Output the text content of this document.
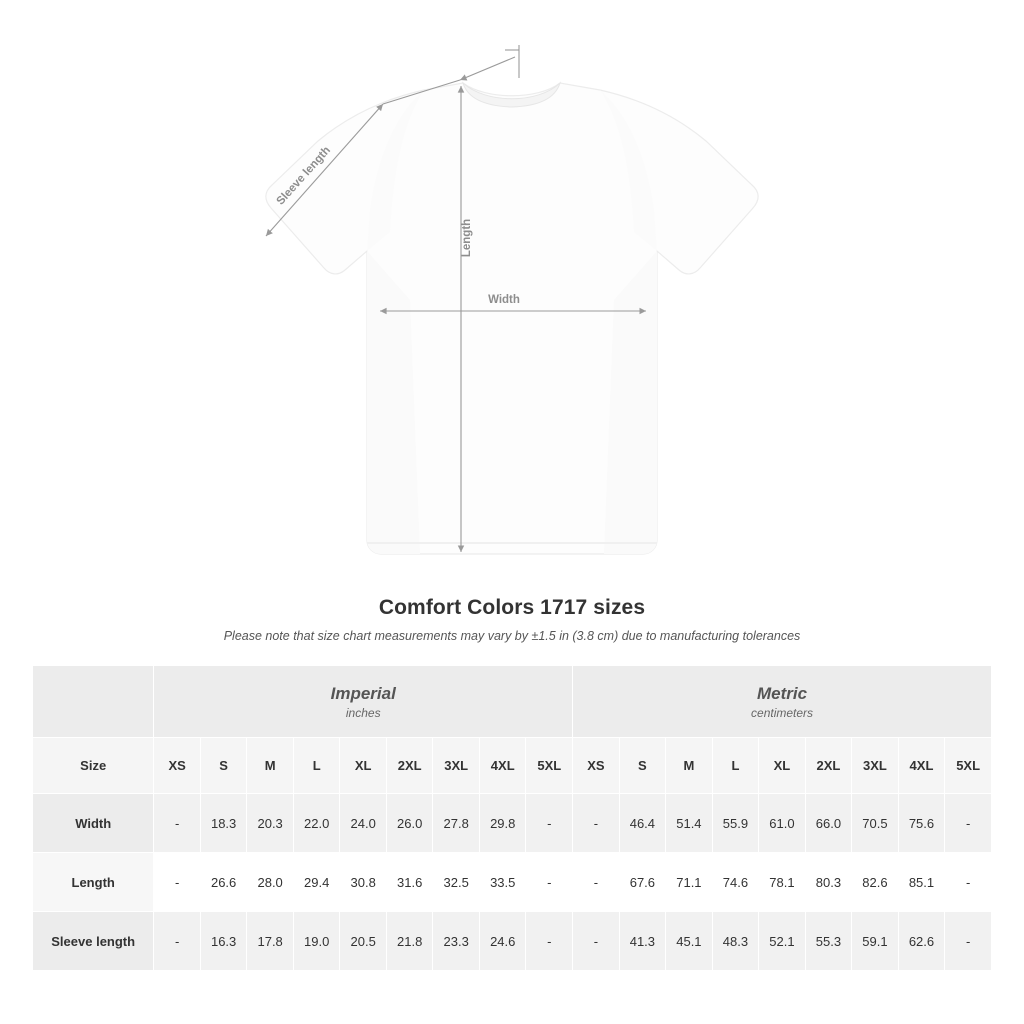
Sleeve length
Length
Width
Comfort Colors 1717 sizes
Please note that size chart measurements may vary by ±1.5 in (3.8 cm) due to manufacturing tolerances

Imperial
inches

Metric
centimeters

Size	XS	S	M	L	XL	2XL	3XL	4XL	5XL	XS	S	M	L	XL	2XL	3XL	4XL	5XL
Width	-	18.3	20.3	22.0	24.0	26.0	27.8	29.8	-	-	46.4	51.4	55.9	61.0	66.0	70.5	75.6	-
Length	-	26.6	28.0	29.4	30.8	31.6	32.5	33.5	-	-	67.6	71.1	74.6	78.1	80.3	82.6	85.1	-
Sleeve length	-	16.3	17.8	19.0	20.5	21.8	23.3	24.6	-	-	41.3	45.1	48.3	52.1	55.3	59.1	62.6	-
